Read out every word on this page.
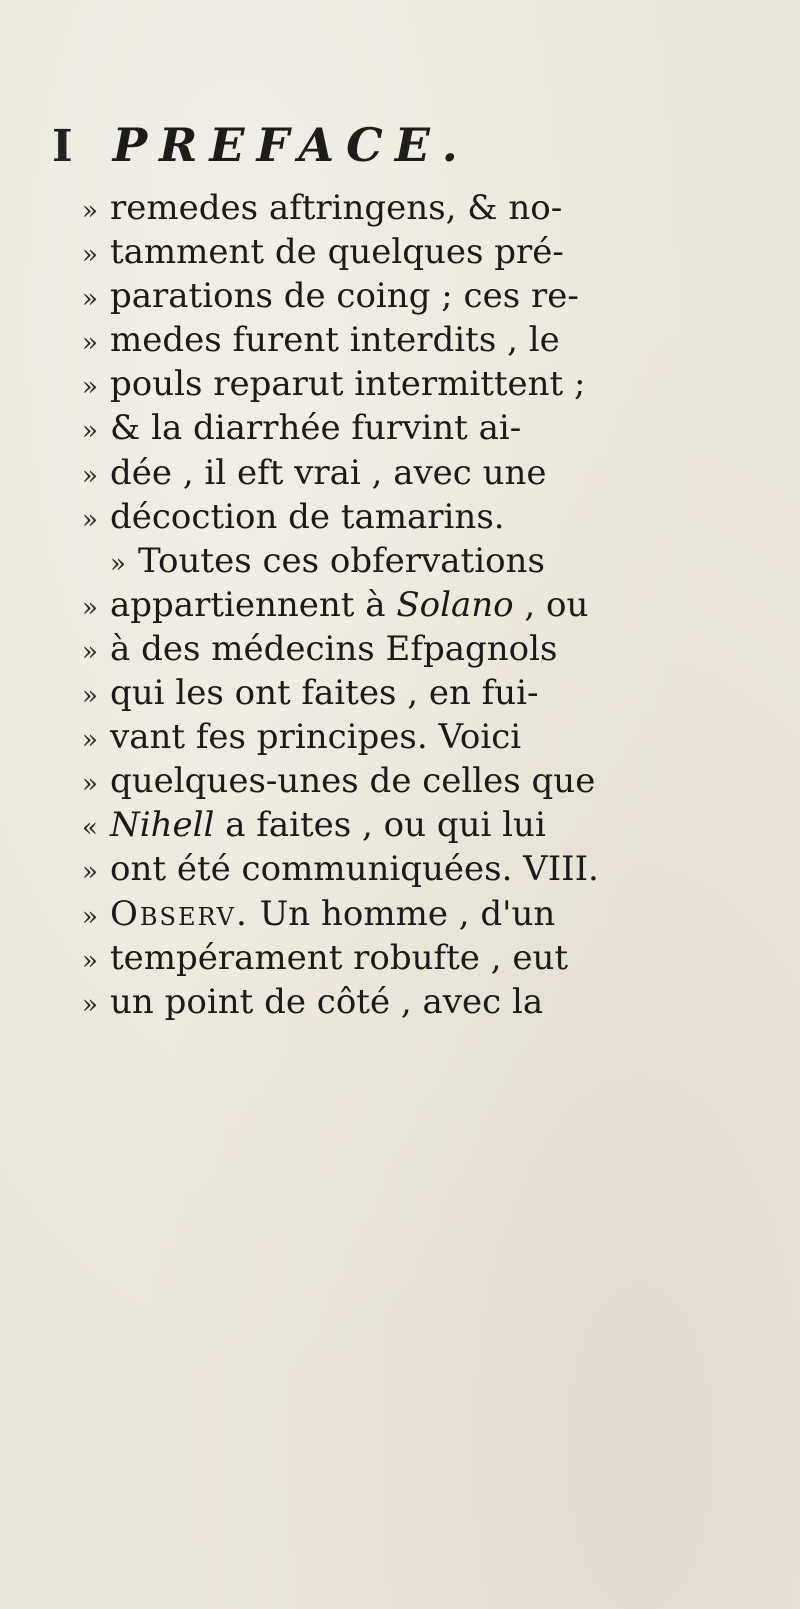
I PREFACE.
» remedes aftringens, & no-
» tamment de quelques pré-
» parations de coing ; ces re-
» medes furent interdits , le
» pouls reparut intermittent ;
» & la diarrhée furvint ai-
» dée , il eft vrai , avec une
» décoction de tamarins.
» Toutes ces obfervations
» appartiennent à Solano , ou
» à des médecins Efpagnols
» qui les ont faites , en fui-
» vant fes principes. Voici
» quelques-unes de celles que
« Nihell a faites , ou qui lui
» ont été communiquées. VIII.
» Observ. Un homme , d'un
» tempérament robufte , eut
» un point de côté , avec la
